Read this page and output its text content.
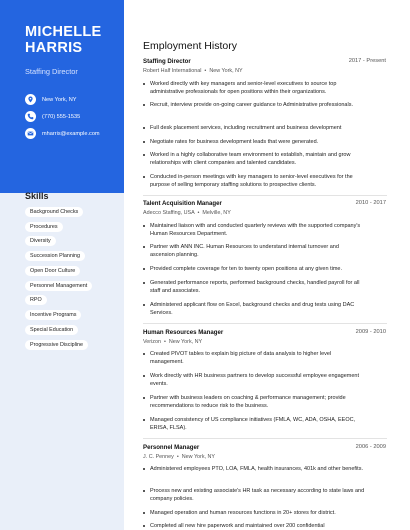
MICHELLE
HARRIS
Staffing Director
New York, NY
(770) 555-1535
mharris@example.com
Skills
Background Checks
Procedures
Diversity
Succession Planning
Open Door Culture
Personnel Management
RPO
Incentive Programs
Special Education
Progressive Discipline
Employment History
Staffing Director	2017 - Present
Robert Half International  •  New York, NY
Worked directly with key managers and senior-level executives to source top administrative professionals for open positions within their organizations.
Recruit, interview provide on-going career guidance to Administrative professionals.
Full desk placement services, including recruitment and business development
Negotiate rates for business development leads that were generated.
Worked in a highly collaborative team environment to establish, maintain and grow relationships with client companies and talented candidates.
Conducted in-person meetings with key managers to senior-level executives for the purpose of selling temporary staffing solutions to prospective clients.
Talent Acquisition Manager	2010 - 2017
Adecco Staffing, USA  •  Melville, NY
Maintained liaison with and conducted quarterly reviews with the supported company's Human Resources Department.
Partner with ANN INC. Human Resources to understand internal turnover and ascension planning.
Provided complete coverage for ten to twenty open positions at any given time.
Generated performance reports, performed background checks, handled payroll for all staff and associates.
Administered applicant flow on Excel, background checks and drug tests using DAC Services.
Human Resources Manager	2009 - 2010
Verizon  •  New York, NY
Created PIVOT tables to explain big picture of data analysis to higher level management.
Work directly with HR business partners to develop successful employee engagement events.
Partner with business leaders on coaching & performance management; provide recommendations to reduce risk to the business.
Managed consistency of US compliance initiatives (FMLA, WC, ADA, OSHA, EEOC, ERISA, FLSA).
Personnel Manager	2006 - 2009
J. C. Penney  •  New York, NY
Administered employees PTO, LOA, FMLA, health insurances, 401k and other benefits.
Process new and existing associate's HR task as necessary according to state laws and company policies.
Managed operation and human resources functions in 20+ stores for district.
Completed all new hire paperwork and maintained over 200 confidential
